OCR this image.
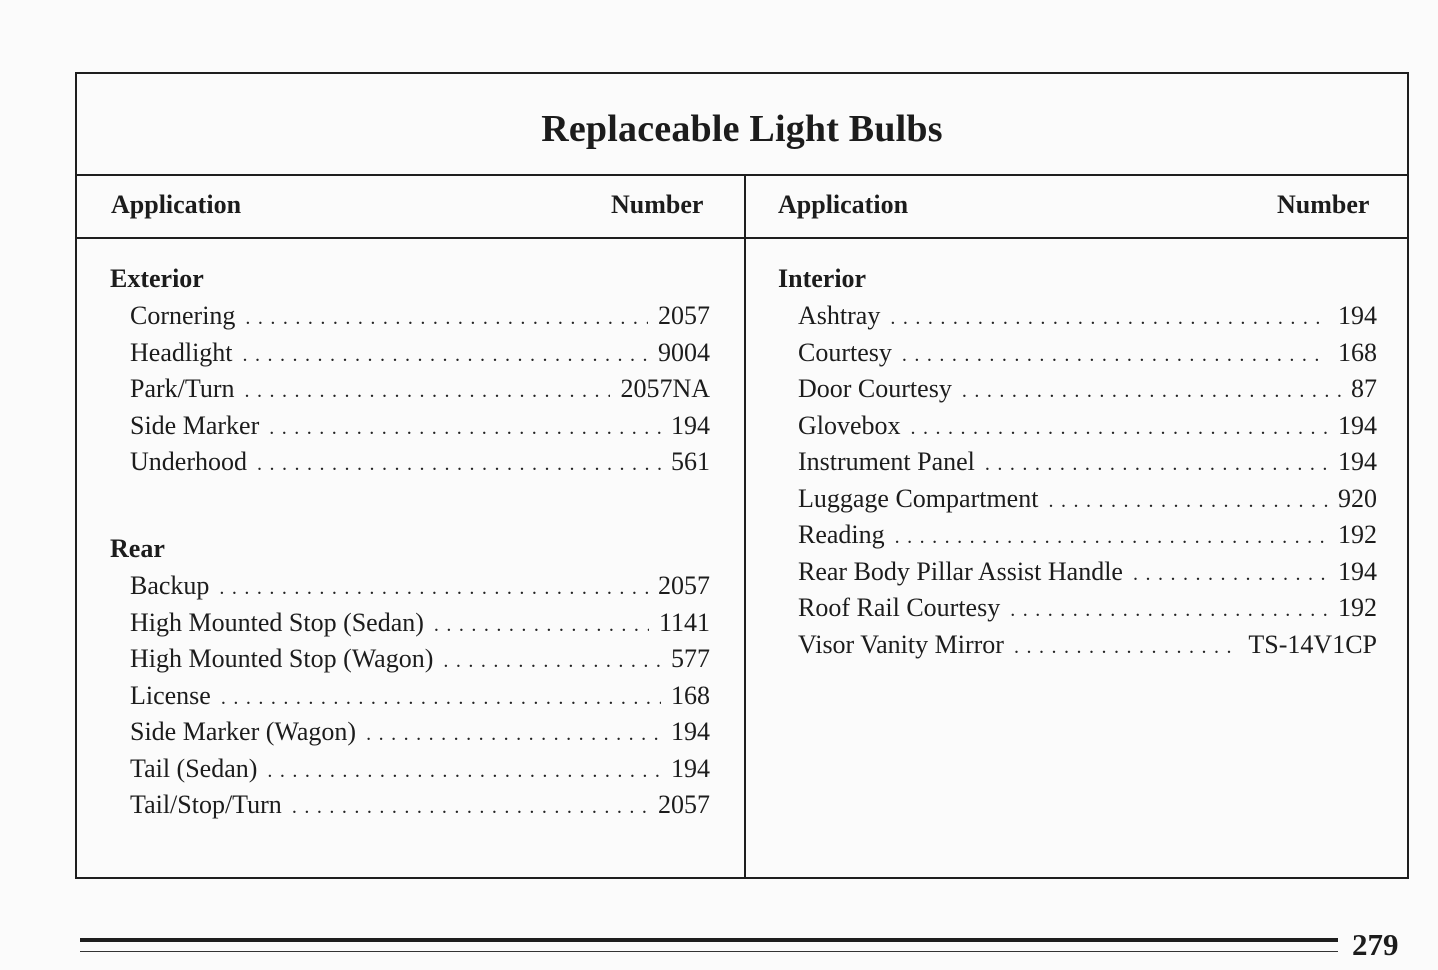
Replaceable Light Bulbs
Application	Number	Application	Number
Exterior
Cornering .....	2057
Headlight .....	9004
Park/Turn .....	2057NA
Side Marker .....	194
Underhood .....	561
Rear
Backup .....	2057
High Mounted Stop (Sedan) .....	1141
High Mounted Stop (Wagon) .....	577
License .....	168
Side Marker (Wagon) .....	194
Tail (Sedan) .....	194
Tail/Stop/Turn .....	2057
Interior
Ashtray .....	194
Courtesy .....	168
Door Courtesy .....	87
Glovebox .....	194
Instrument Panel .....	194
Luggage Compartment .....	920
Reading .....	192
Rear Body Pillar Assist Handle .....	194
Roof Rail Courtesy .....	192
Visor Vanity Mirror .....	TS-14V1CP
279
